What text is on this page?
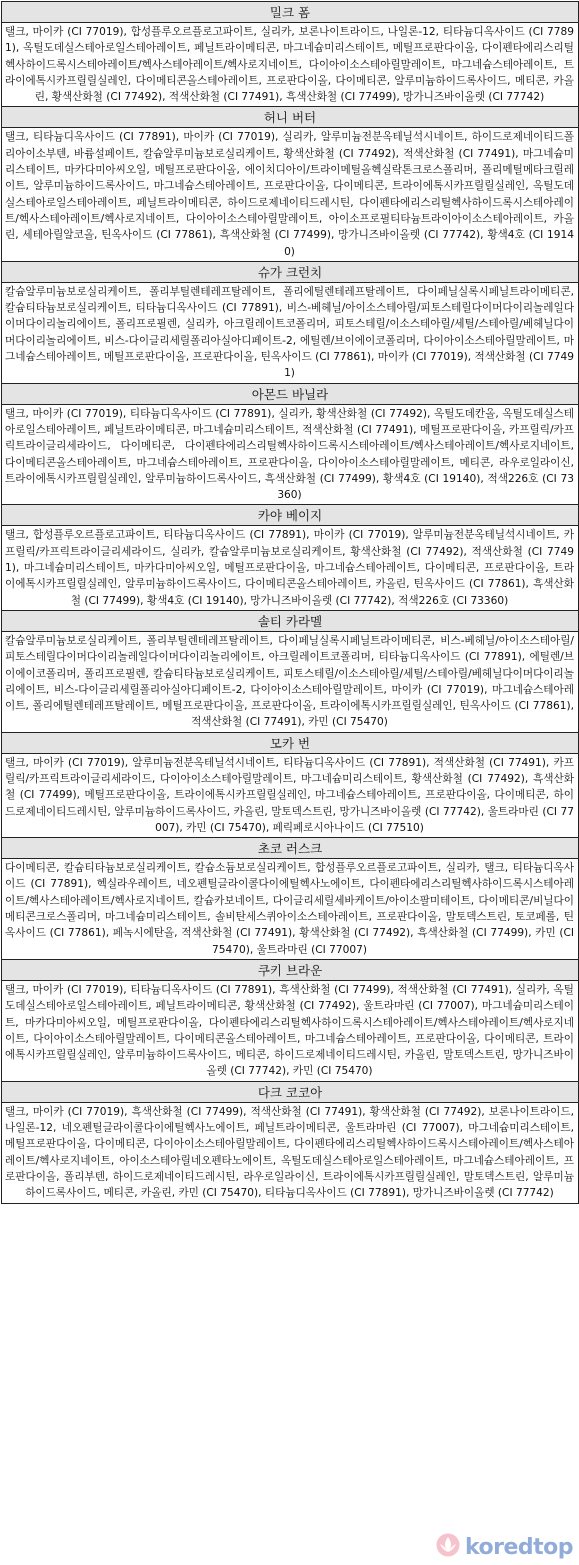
밀크 폼
탤크, 마이카 (CI 77019), 합성플루오르플로고파이트, 실리카, 보론나이트라이드, 나일론-12, 티타늄디옥사이드 (CI 77891), 옥틸도데실스테아로일스테아레이트, 페닐트라이메티콘, 마그네슘미리스테이트, 메틸프로판다이올, 다이펜타에리스리틸헥사하이드록시스테아레이트/헥사스테아레이트/헥사로지네이트, 다이아이소스테아릴말레이트, 마그네슘스테아레이트, 트라이에톡시카프릴릴실레인, 다이메티콘올스테아레이트, 프로판다이올, 다이메티콘, 알루미늄하이드록사이드, 메티콘, 카올린, 황색산화철 (CI 77492), 적색산화철 (CI 77491), 흑색산화철 (CI 77499), 망가니즈바이올렛 (CI 77742)
허니 버터
탤크, 티타늄디옥사이드 (CI 77891), 마이카 (CI 77019), 실리카, 알루미늄전분옥테닐석시네이트, 하이드로제네이티드폴리아이소부텐, 바륨설페이트, 칼슘알루미늄보로실리케이트, 황색산화철 (CI 77492), 적색산화철 (CI 77491), 마그네슘미리스테이트, 마카다미아씨오일, 메틸프로판다이올, 에이치디아이/트라이메틸올헥실락톤크로스폴리머, 폴리메틸메타크릴레이트, 알루미늄하이드록사이드, 마그네슘스테아레이트, 프로판다이올, 다이메티콘, 트라이에톡시카프릴릴실레인, 옥틸도데실스테아로일스테아레이트, 페닐트라이메티콘, 하이드로제네이티드레시틴, 다이펜타에리스리틸헥사하이드록시스테아레이트/헥사스테아레이트/헥사로지네이트, 다이아이소스테아릴말레이트, 아이소프로필티타늄트라이아이소스테아레이트, 카올린, 세테아릴알코올, 틴옥사이드 (CI 77861), 흑색산화철 (CI 77499), 망가니즈바이올렛 (CI 77742), 황색4호 (CI 19140)
슈가 크런치
칼슘알루미늄보로실리케이트, 폴리부틸렌테레프탈레이트, 폴리에틸렌테레프탈레이트, 다이페닐실록시페닐트라이메티콘, 칼슘티타늄보로실리케이트, 티타늄디옥사이드 (CI 77891), 비스-베헤닐/아이소스테아릴/피토스테릴다이머다이리놀레일다이머다이리놀리에이트, 폴리프로필렌, 실리카, 아크릴레이트코폴리머, 피토스테릴/이소스테아릴/세틸/스테아릴/베헤닐다이머다이리놀리에이트, 비스-다이글리세릴폴리아실아디페이트-2, 에틸렌/브이에이코폴리머, 다이아이소스테아릴말레이트, 마그네슘스테아레이트, 메틸프로판다이올, 프로판다이올, 틴옥사이드 (CI 77861), 마이카 (CI 77019), 적색산화철 (CI 77491)
아몬드 바닐라
탤크, 마이카 (CI 77019), 티타늄디옥사이드 (CI 77891), 실리카, 황색산화철 (CI 77492), 옥틸도데칸올, 옥틸도데실스테아로일스테아레이트, 페닐트라이메티콘, 마그네슘미리스테이트, 적색산화철 (CI 77491), 메틸프로판다이올, 카프릴릭/카프릭트라이글리세라이드, 다이메티콘, 다이펜타에리스리틸헥사하이드록시스테아레이트/헥사스테아레이트/헥사로지네이트, 다이메티콘올스테아레이트, 마그네슘스테아레이트, 프로판다이올, 다이아이소스테아릴말레이트, 메티콘, 라우로일라이신, 트라이에톡시카프릴릴실레인, 알루미늄하이드록사이드, 흑색산화철 (CI 77499), 황색4호 (CI 19140), 적색226호 (CI 73360)
카야 베이지
탤크, 합성플루오르플로고파이트, 티타늄디옥사이드 (CI 77891), 마이카 (CI 77019), 알루미늄전분옥테닐석시네이트, 카프릴릭/카프릭트라이글리세라이드, 실리카, 칼슘알루미늄보로실리케이트, 황색산화철 (CI 77492), 적색산화철 (CI 77491), 마그네슘미리스테이트, 마카다미아씨오일, 메틸프로판다이올, 마그네슘스테아레이트, 다이메티콘, 프로판다이올, 트라이에톡시카프릴릴실레인, 알루미늄하이드록사이드, 다이메티콘올스테아레이트, 카올린, 틴옥사이드 (CI 77861), 흑색산화철 (CI 77499), 황색4호 (CI 19140), 망가니즈바이올렛 (CI 77742), 적색226호 (CI 73360)
솔티 카라멜
칼슘알루미늄보로실리케이트, 폴리부틸렌테레프탈레이트, 다이페닐실록시페닐트라이메티콘, 비스-베헤닐/아이소스테아릴/피토스테릴다이머다이리놀레일다이머다이리놀리에이트, 아크릴레이트코폴리머, 티타늄디옥사이드 (CI 77891), 에틸렌/브이에이코폴리머, 폴리프로필렌, 칼슘티타늄보로실리케이트, 피토스테릴/이소스테아릴/세틸/스테아릴/베헤닐다이머다이리놀리에이트, 비스-다이글리세릴폴리아실아디페이트-2, 다이아이소스테아릴말레이트, 마이카 (CI 77019), 마그네슘스테아레이트, 폴리에틸렌테레프탈레이트, 메틸프로판다이올, 프로판다이올, 트라이에톡시카프릴릴실레인, 틴옥사이드 (CI 77861), 적색산화철 (CI 77491), 카민 (CI 75470)
모카 번
탤크, 마이카 (CI 77019), 알루미늄전분옥테닐석시네이트, 티타늄디옥사이드 (CI 77891), 적색산화철 (CI 77491), 카프릴릭/카프릭트라이글리세라이드, 다이아이소스테아릴말레이트, 마그네슘미리스테이트, 황색산화철 (CI 77492), 흑색산화철 (CI 77499), 메틸프로판다이올, 트라이에톡시카프릴릴실레인, 마그네슘스테아레이트, 프로판다이올, 다이메티콘, 하이드로제네이티드레시틴, 알루미늄하이드록사이드, 카올린, 말토덱스트린, 망가니즈바이올렛 (CI 77742), 울트라마린 (CI 77007), 카민 (CI 75470), 페릭페로시아나이드 (CI 77510)
초코 러스크
다이메티콘, 칼슘티타늄보로실리케이트, 칼슘소듐보로실리케이트, 합성플루오르플로고파이트, 실리카, 탤크, 티타늄디옥사이드 (CI 77891), 헥실라우레이트, 네오펜틸글라이콜다이에틸헥사노에이트, 다이펜타에리스리틸헥사하이드록시스테아레이트/헥사스테아레이트/헥사로지네이트, 칼슘카보네이트, 다이글리세릴세바케이트/아이소팔미테이트, 다이메티콘/비닐다이메티콘크로스폴리머, 마그네슘미리스테이트, 솔비탄세스퀴아이소스테아레이트, 프로판다이올, 말토덱스트린, 토코페롤, 틴옥사이드 (CI 77861), 페녹시에탄올, 적색산화철 (CI 77491), 황색산화철 (CI 77492), 흑색산화철 (CI 77499), 카민 (CI 75470), 울트라마린 (CI 77007)
쿠키 브라운
탤크, 마이카 (CI 77019), 티타늄디옥사이드 (CI 77891), 흑색산화철 (CI 77499), 적색산화철 (CI 77491), 실리카, 옥틸도데실스테아로일스테아레이트, 페닐트라이메티콘, 황색산화철 (CI 77492), 울트라마린 (CI 77007), 마그네슘미리스테이트, 마카다미아씨오일, 메틸프로판다이올, 다이펜타에리스리틸헥사하이드록시스테아레이트/헥사스테아레이트/헥사로지네이트, 다이아이소스테아릴말레이트, 다이메티콘올스테아레이트, 마그네슘스테아레이트, 프로판다이올, 다이메티콘, 트라이에톡시카프릴릴실레인, 알루미늄하이드록사이드, 메티콘, 하이드로제네이티드레시틴, 카올린, 말토덱스트린, 망가니즈바이올렛 (CI 77742), 카민 (CI 75470)
다크 코코아
탤크, 마이카 (CI 77019), 흑색산화철 (CI 77499), 적색산화철 (CI 77491), 황색산화철 (CI 77492), 보론나이트라이드, 나일론-12, 네오펜틸글라이콜다이에틸헥사노에이트, 페닐트라이메티콘, 울트라마린 (CI 77007), 마그네슘미리스테이트, 메틸프로판다이올, 다이메티콘, 다이아이소스테아릴말레이트, 다이펜타에리스리틸헥사하이드록시스테아레이트/헥사스테아레이트/헥사로지네이트, 아이소스테아릴네오펜타노에이트, 옥틸도데실스테아로일스테아레이트, 마그네슘스테아레이트, 프로판다이올, 폴리부텐, 하이드로제네이티드레시틴, 라우로일라이신, 트라이에톡시카프릴릴실레인, 말토덱스트린, 알루미늄하이드록사이드, 메티콘, 카올린, 카민 (CI 75470), 티타늄디옥사이드 (CI 77891), 망가니즈바이올렛 (CI 77742)
koredtop
